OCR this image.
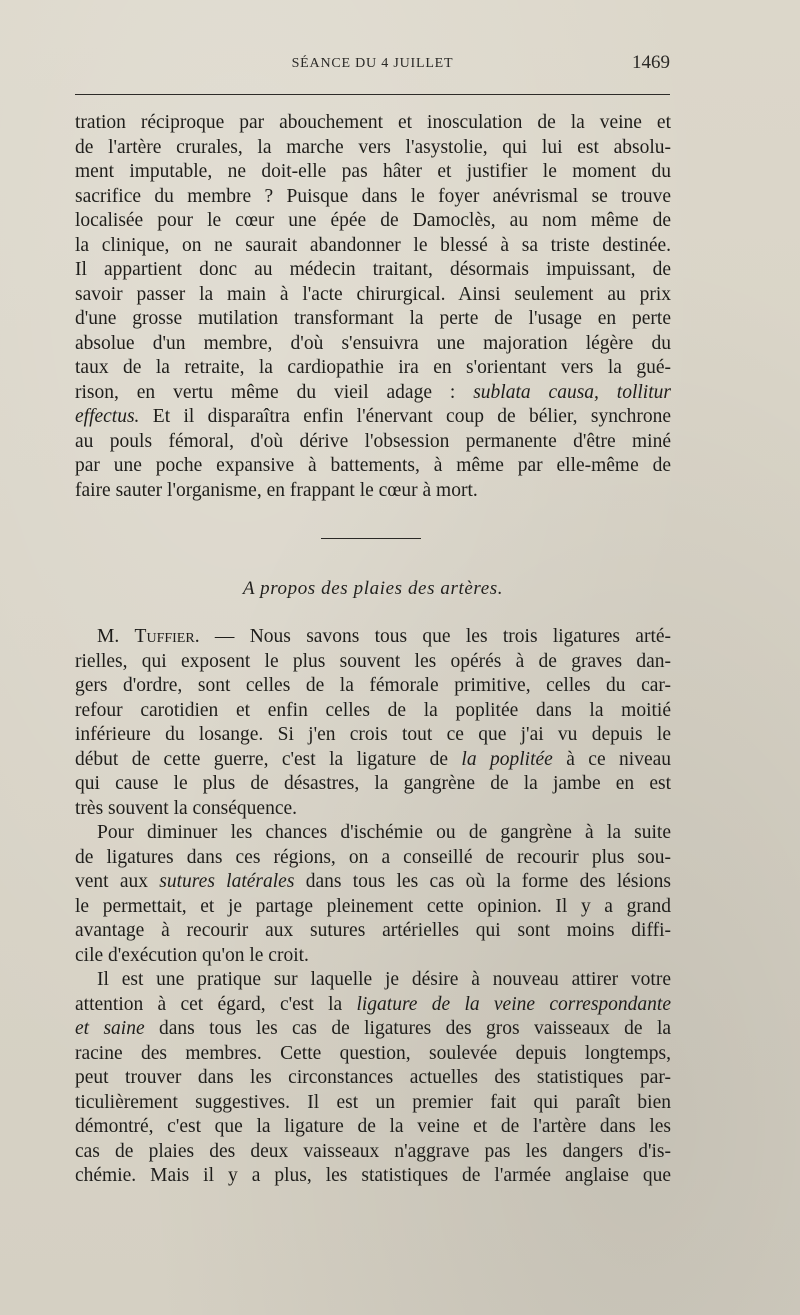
SÉANCE DU 4 JUILLET	1469
tration réciproque par abouchement et inosculation de la veine et
de l'artère crurales, la marche vers l'asystolie, qui lui est absolu-
ment imputable, ne doit-elle pas hâter et justifier le moment du
sacrifice du membre ? Puisque dans le foyer anévrismal se trouve
localisée pour le cœur une épée de Damoclès, au nom même de
la clinique, on ne saurait abandonner le blessé à sa triste destinée.
Il appartient donc au médecin traitant, désormais impuissant, de
savoir passer la main à l'acte chirurgical. Ainsi seulement au prix
d'une grosse mutilation transformant la perte de l'usage en perte
absolue d'un membre, d'où s'ensuivra une majoration légère du
taux de la retraite, la cardiopathie ira en s'orientant vers la gué-
rison, en vertu même du vieil adage : sublata causa, tollitur
effectus. Et il disparaîtra enfin l'énervant coup de bélier, synchrone
au pouls fémoral, d'où dérive l'obsession permanente d'être miné
par une poche expansive à battements, à même par elle-même de
faire sauter l'organisme, en frappant le cœur à mort.
A propos des plaies des artères.
M. Tuffier. — Nous savons tous que les trois ligatures arté-
rielles, qui exposent le plus souvent les opérés à de graves dan-
gers d'ordre, sont celles de la fémorale primitive, celles du car-
refour carotidien et enfin celles de la poplitée dans la moitié
inférieure du losange. Si j'en crois tout ce que j'ai vu depuis le
début de cette guerre, c'est la ligature de la poplitée à ce niveau
qui cause le plus de désastres, la gangrène de la jambe en est
très souvent la conséquence.
Pour diminuer les chances d'ischémie ou de gangrène à la suite
de ligatures dans ces régions, on a conseillé de recourir plus sou-
vent aux sutures latérales dans tous les cas où la forme des lésions
le permettait, et je partage pleinement cette opinion. Il y a grand
avantage à recourir aux sutures artérielles qui sont moins diffi-
cile d'exécution qu'on le croit.
Il est une pratique sur laquelle je désire à nouveau attirer votre
attention à cet égard, c'est la ligature de la veine correspondante
et saine dans tous les cas de ligatures des gros vaisseaux de la
racine des membres. Cette question, soulevée depuis longtemps,
peut trouver dans les circonstances actuelles des statistiques par-
ticulièrement suggestives. Il est un premier fait qui paraît bien
démontré, c'est que la ligature de la veine et de l'artère dans les
cas de plaies des deux vaisseaux n'aggrave pas les dangers d'is-
chémie. Mais il y a plus, les statistiques de l'armée anglaise que
